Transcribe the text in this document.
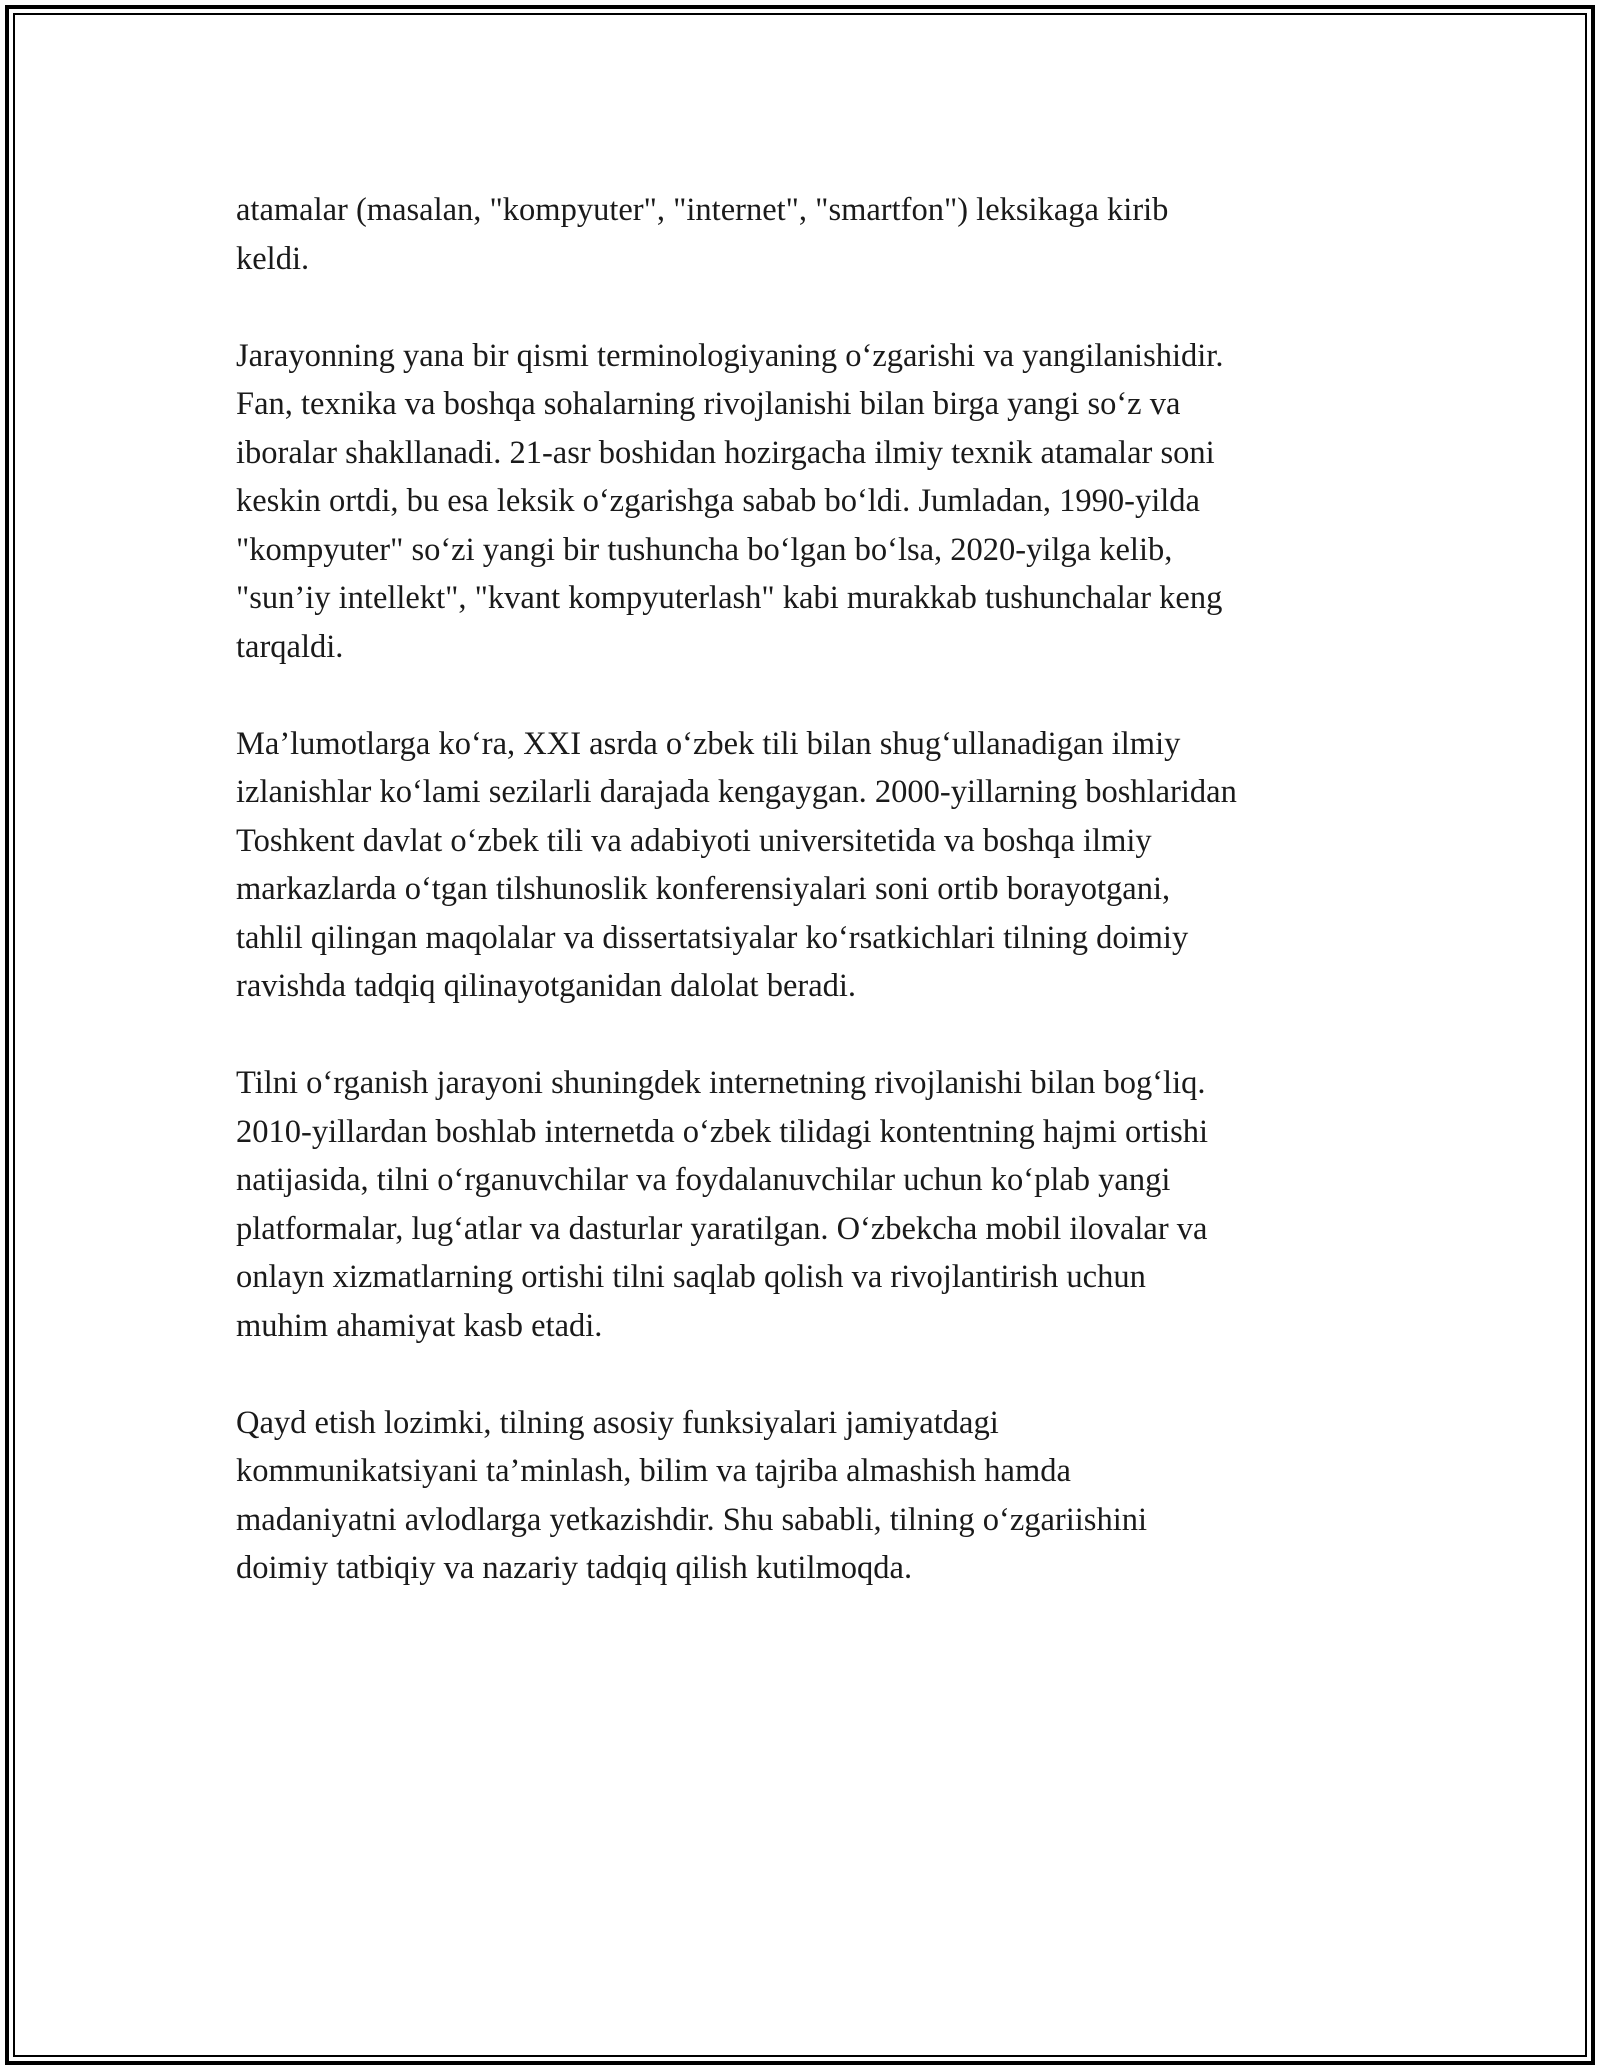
atamalar (masalan, "kompyuter", "internet", "smartfon") leksikaga kirib
keldi.

Jarayonning yana bir qismi terminologiyaning o‘zgarishi va yangilanishidir.
Fan, texnika va boshqa sohalarning rivojlanishi bilan birga yangi so‘z va
iboralar shakllanadi. 21-asr boshidan hozirgacha ilmiy texnik atamalar soni
keskin ortdi, bu esa leksik o‘zgarishga sabab bo‘ldi. Jumladan, 1990-yilda
"kompyuter" so‘zi yangi bir tushuncha bo‘lgan bo‘lsa, 2020-yilga kelib,
"sun’iy intellekt", "kvant kompyuterlash" kabi murakkab tushunchalar keng
tarqaldi.

Ma’lumotlarga ko‘ra, XXI asrda o‘zbek tili bilan shug‘ullanadigan ilmiy
izlanishlar ko‘lami sezilarli darajada kengaygan. 2000-yillarning boshlaridan
Toshkent davlat o‘zbek tili va adabiyoti universitetida va boshqa ilmiy
markazlarda o‘tgan tilshunoslik konferensiyalari soni ortib borayotgani,
tahlil qilingan maqolalar va dissertatsiyalar ko‘rsatkichlari tilning doimiy
ravishda tadqiq qilinayotganidan dalolat beradi.

Tilni o‘rganish jarayoni shuningdek internetning rivojlanishi bilan bog‘liq.
2010-yillardan boshlab internetda o‘zbek tilidagi kontentning hajmi ortishi
natijasida, tilni o‘rganuvchilar va foydalanuvchilar uchun ko‘plab yangi
platformalar, lug‘atlar va dasturlar yaratilgan. O‘zbekcha mobil ilovalar va
onlayn xizmatlarning ortishi tilni saqlab qolish va rivojlantirish uchun
muhim ahamiyat kasb etadi.

Qayd etish lozimki, tilning asosiy funksiyalari jamiyatdagi
kommunikatsiyani ta’minlash, bilim va tajriba almashish hamda
madaniyatni avlodlarga yetkazishdir. Shu sababli, tilning o‘zgariishini
doimiy tatbiqiy va nazariy tadqiq qilish kutilmoqda.
